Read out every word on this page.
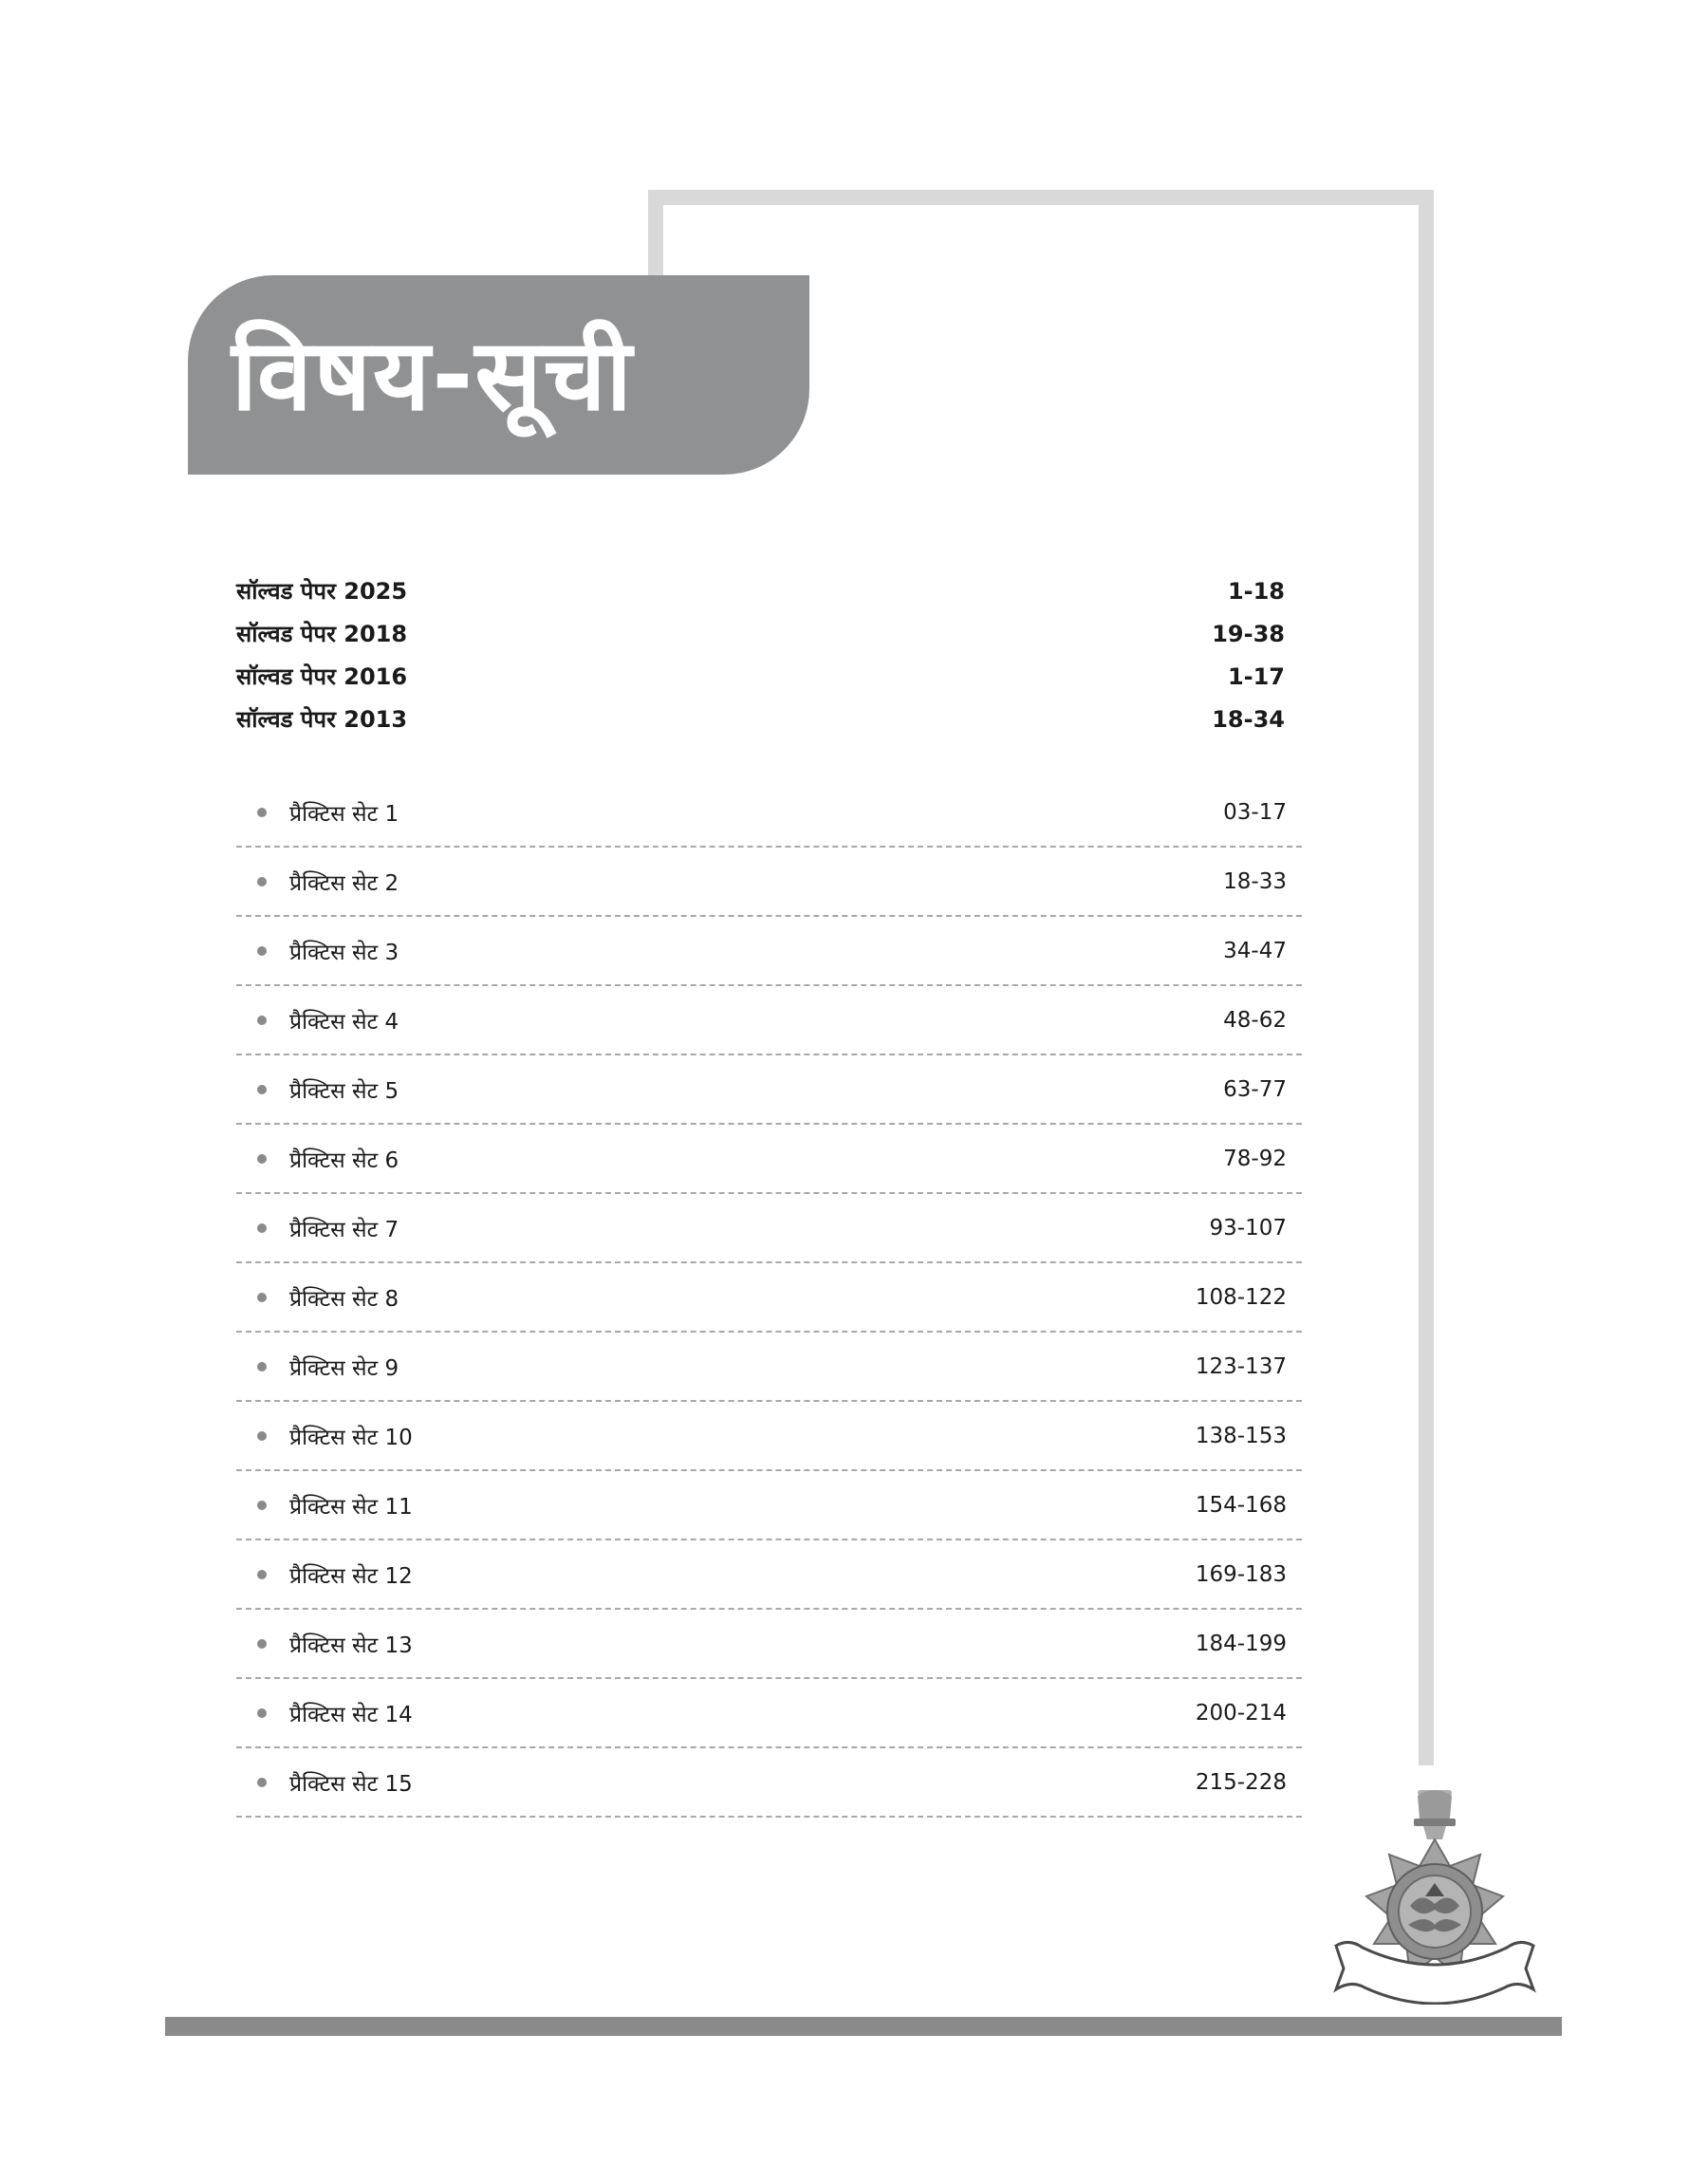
विषय-सूची
सॉल्वड पेपर 2025	1-18
सॉल्वड पेपर 2018	19-38
सॉल्वड पेपर 2016	1-17
सॉल्वड पेपर 2013	18-34
प्रैक्टिस सेट 1	03-17
प्रैक्टिस सेट 2	18-33
प्रैक्टिस सेट 3	34-47
प्रैक्टिस सेट 4	48-62
प्रैक्टिस सेट 5	63-77
प्रैक्टिस सेट 6	78-92
प्रैक्टिस सेट 7	93-107
प्रैक्टिस सेट 8	108-122
प्रैक्टिस सेट 9	123-137
प्रैक्टिस सेट 10	138-153
प्रैक्टिस सेट 11	154-168
प्रैक्टिस सेट 12	169-183
प्रैक्टिस सेट 13	184-199
प्रैक्टिस सेट 14	200-214
प्रैक्टिस सेट 15	215-228
